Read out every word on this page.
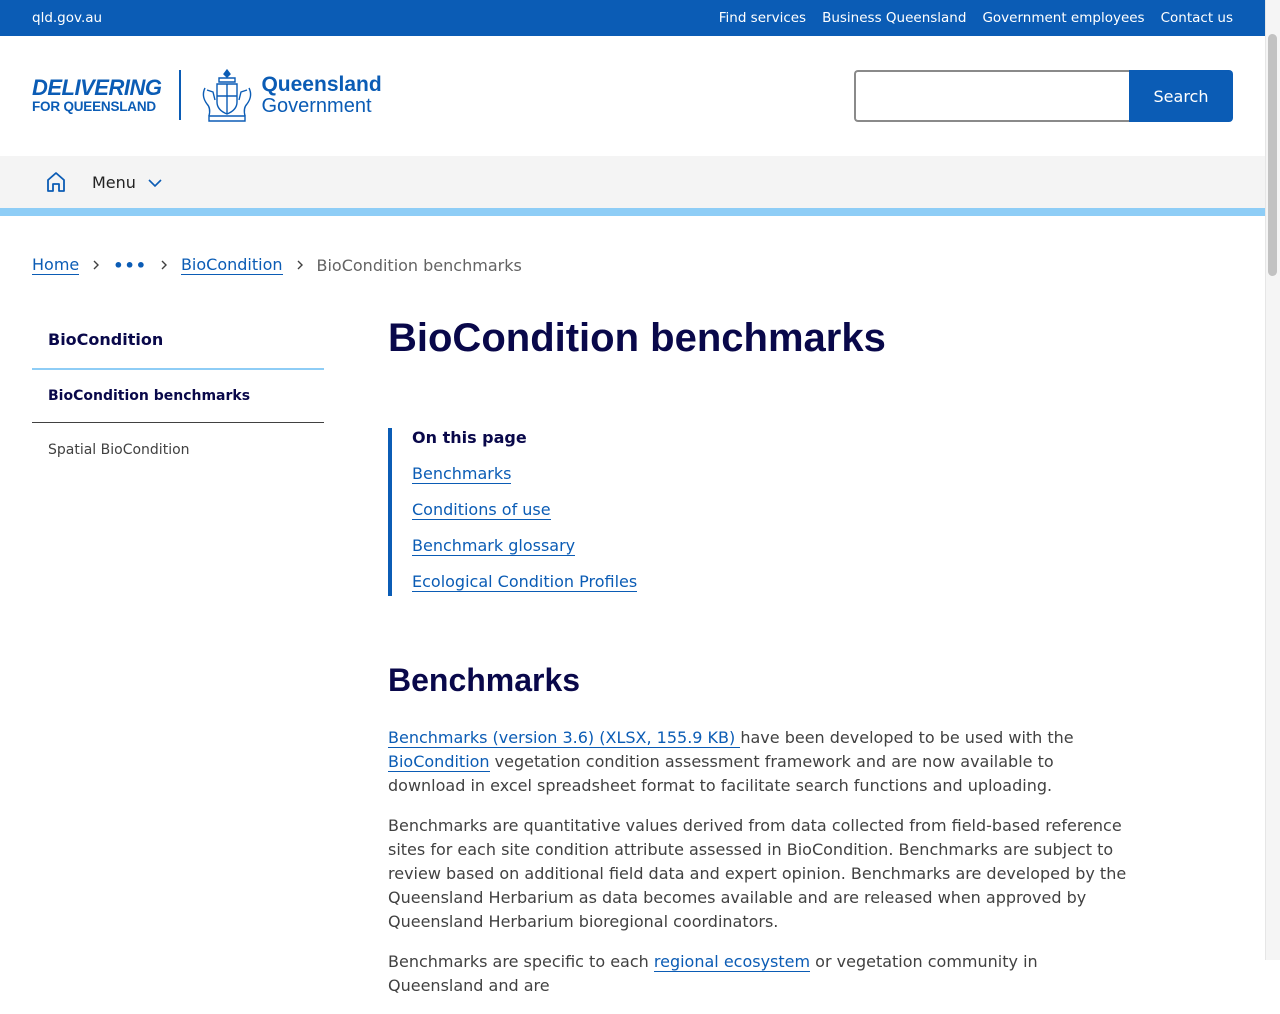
qld.gov.au	Find services Business Queensland Government employees Contact us
DELIVERING
FOR QUEENSLAND
Queensland
Government	Search
Menu
Home ••• BioCondition BioCondition benchmarks
BioCondition
BioCondition benchmarks
Spatial BioCondition
BioCondition benchmarks
On this page
Benchmarks
Conditions of use
Benchmark glossary
Ecological Condition Profiles
Benchmarks

Benchmarks (version 3.6) (XLSX, 155.9 KB) have been developed to be used with the BioCondition vegetation condition assessment framework and are now available to download in excel spreadsheet format to facilitate search functions and uploading.

Benchmarks are quantitative values derived from data collected from field-based reference sites for each site condition attribute assessed in BioCondition. Benchmarks are subject to review based on additional field data and expert opinion. Benchmarks are developed by the Queensland Herbarium as data becomes available and are released when approved by Queensland Herbarium bioregional coordinators.

Benchmarks are specific to each regional ecosystem or vegetation community in Queensland and are
